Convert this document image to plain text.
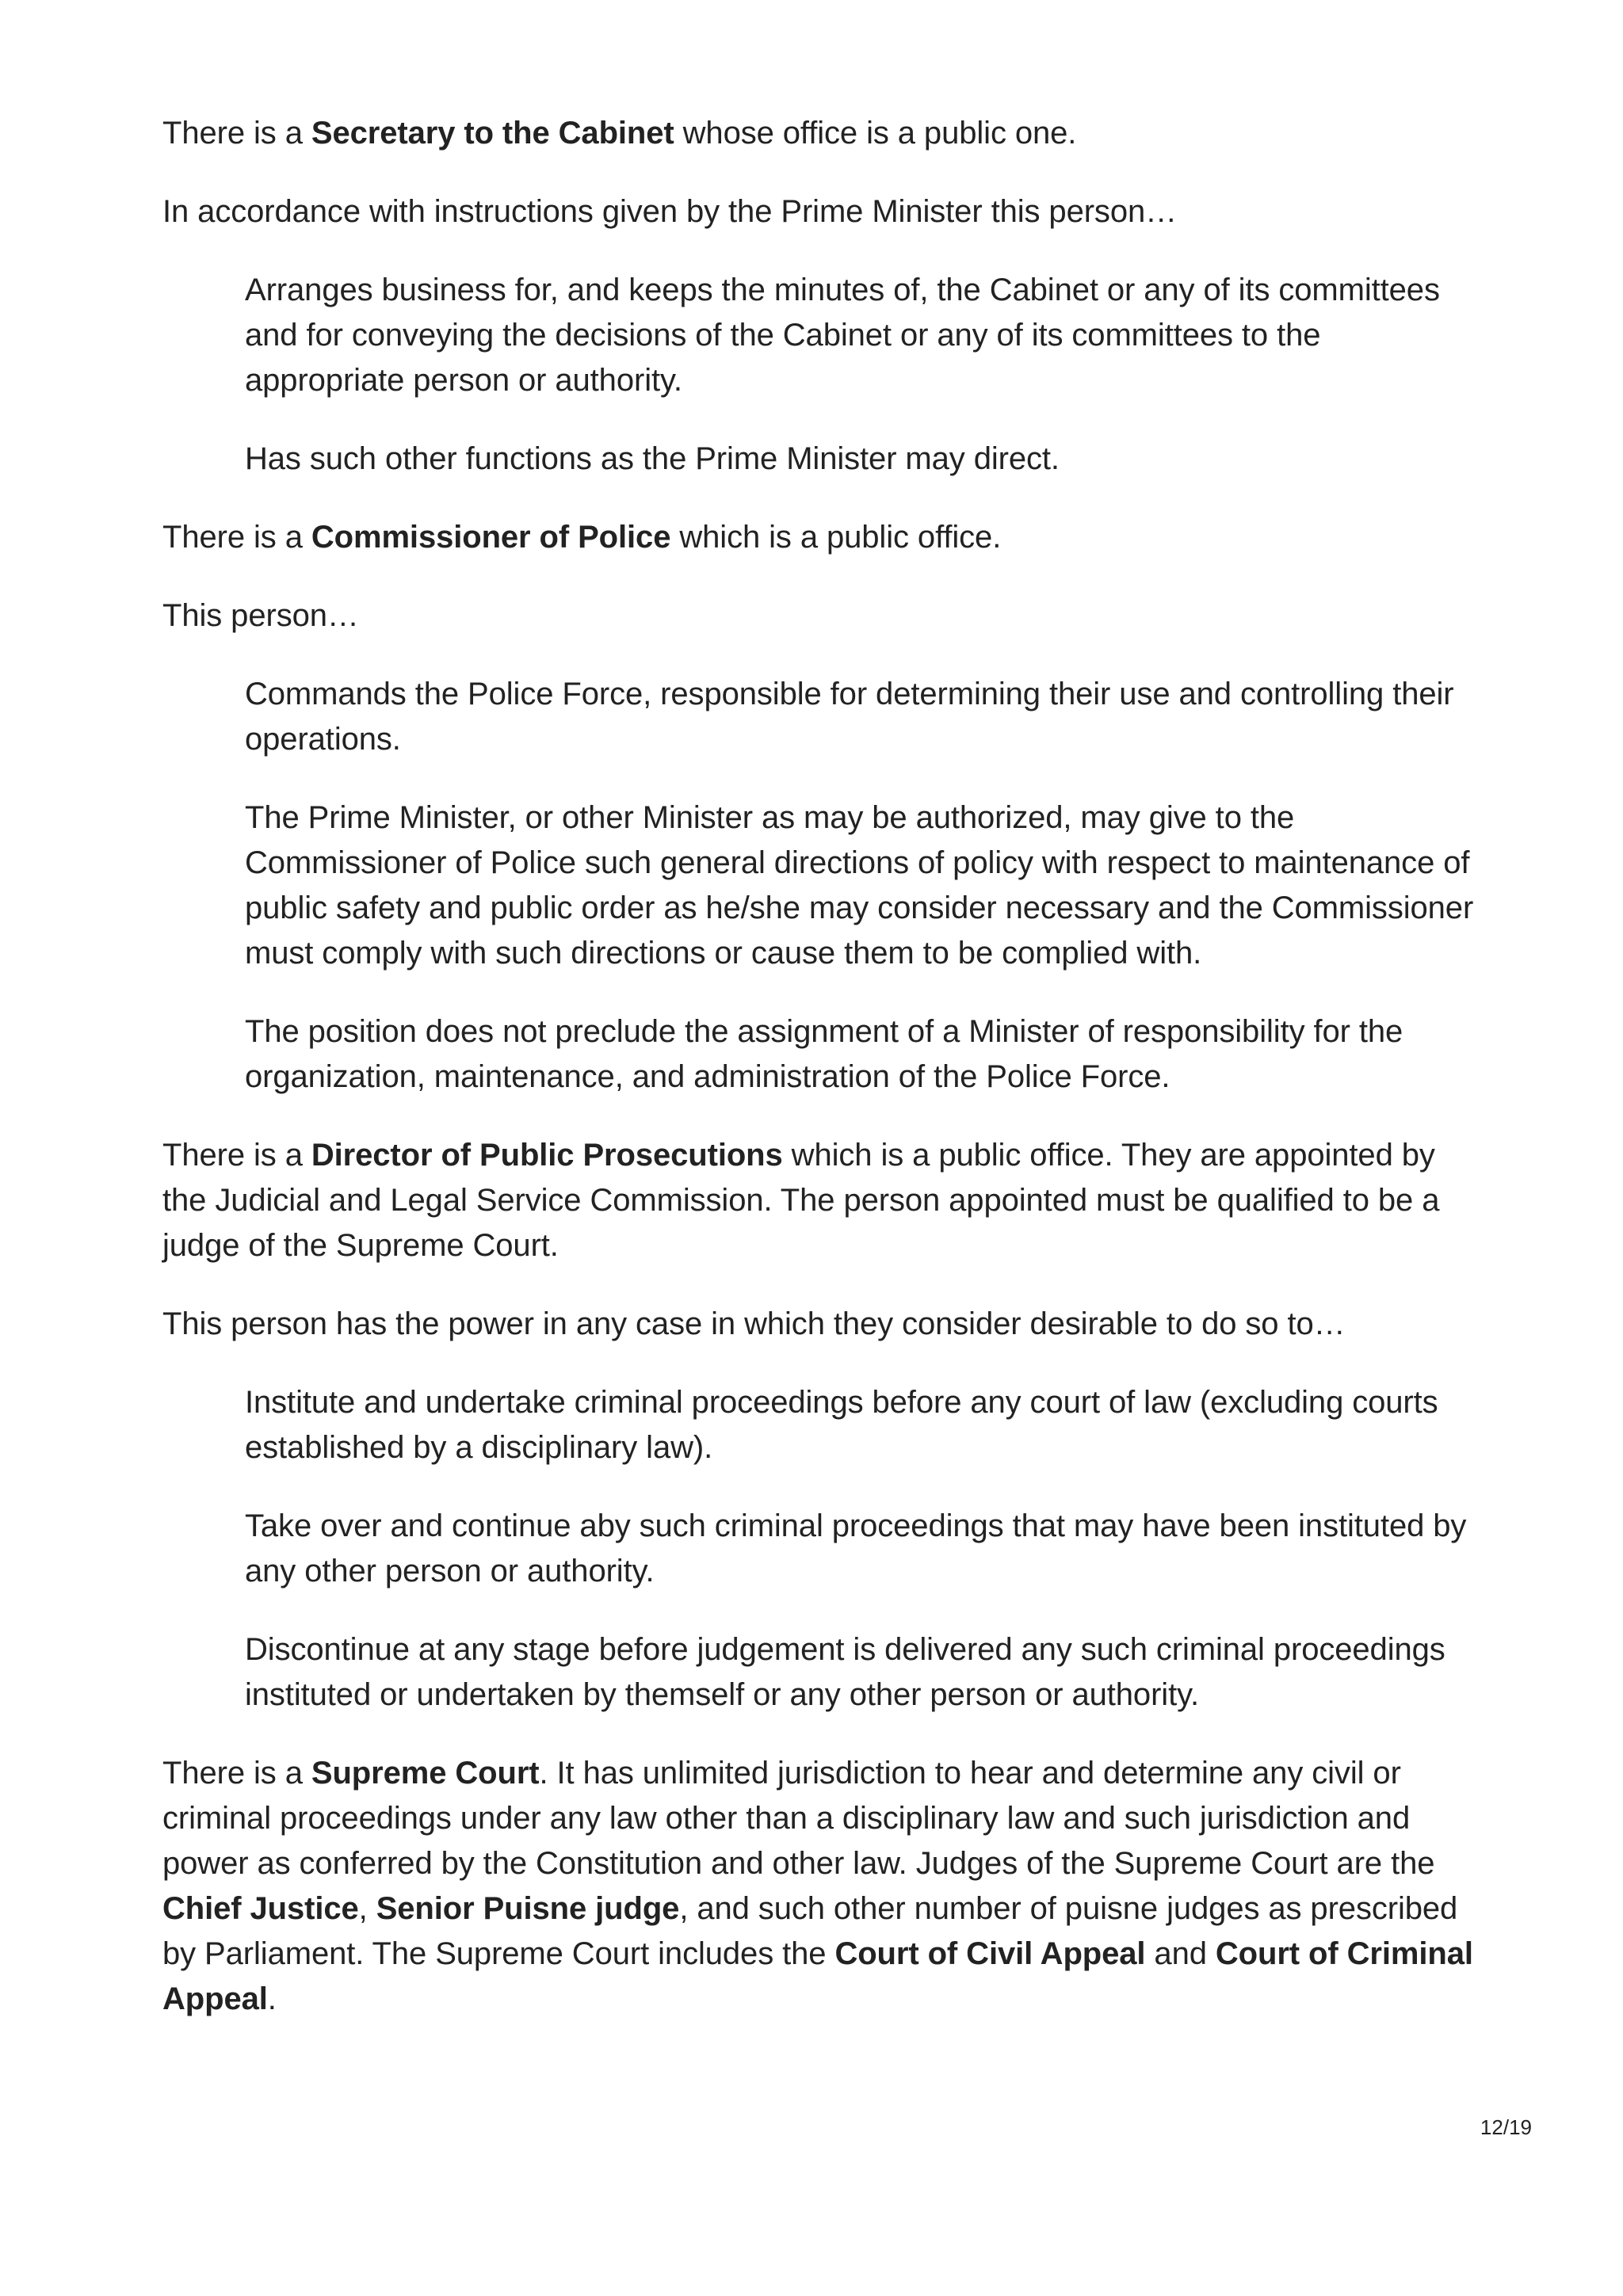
There is a Secretary to the Cabinet whose office is a public one.

In accordance with instructions given by the Prime Minister this person…

Arranges business for, and keeps the minutes of, the Cabinet or any of its committees and for conveying the decisions of the Cabinet or any of its committees to the appropriate person or authority.

Has such other functions as the Prime Minister may direct.

There is a Commissioner of Police which is a public office.

This person…

Commands the Police Force, responsible for determining their use and controlling their operations.

The Prime Minister, or other Minister as may be authorized, may give to the Commissioner of Police such general directions of policy with respect to maintenance of public safety and public order as he/she may consider necessary and the Commissioner must comply with such directions or cause them to be complied with.

The position does not preclude the assignment of a Minister of responsibility for the organization, maintenance, and administration of the Police Force.

There is a Director of Public Prosecutions which is a public office. They are appointed by the Judicial and Legal Service Commission. The person appointed must be qualified to be a judge of the Supreme Court.

This person has the power in any case in which they consider desirable to do so to…

Institute and undertake criminal proceedings before any court of law (excluding courts established by a disciplinary law).

Take over and continue aby such criminal proceedings that may have been instituted by any other person or authority.

Discontinue at any stage before judgement is delivered any such criminal proceedings instituted or undertaken by themself or any other person or authority.

There is a Supreme Court. It has unlimited jurisdiction to hear and determine any civil or criminal proceedings under any law other than a disciplinary law and such jurisdiction and power as conferred by the Constitution and other law. Judges of the Supreme Court are the Chief Justice, Senior Puisne judge, and such other number of puisne judges as prescribed by Parliament. The Supreme Court includes the Court of Civil Appeal and Court of Criminal Appeal.

12/19
